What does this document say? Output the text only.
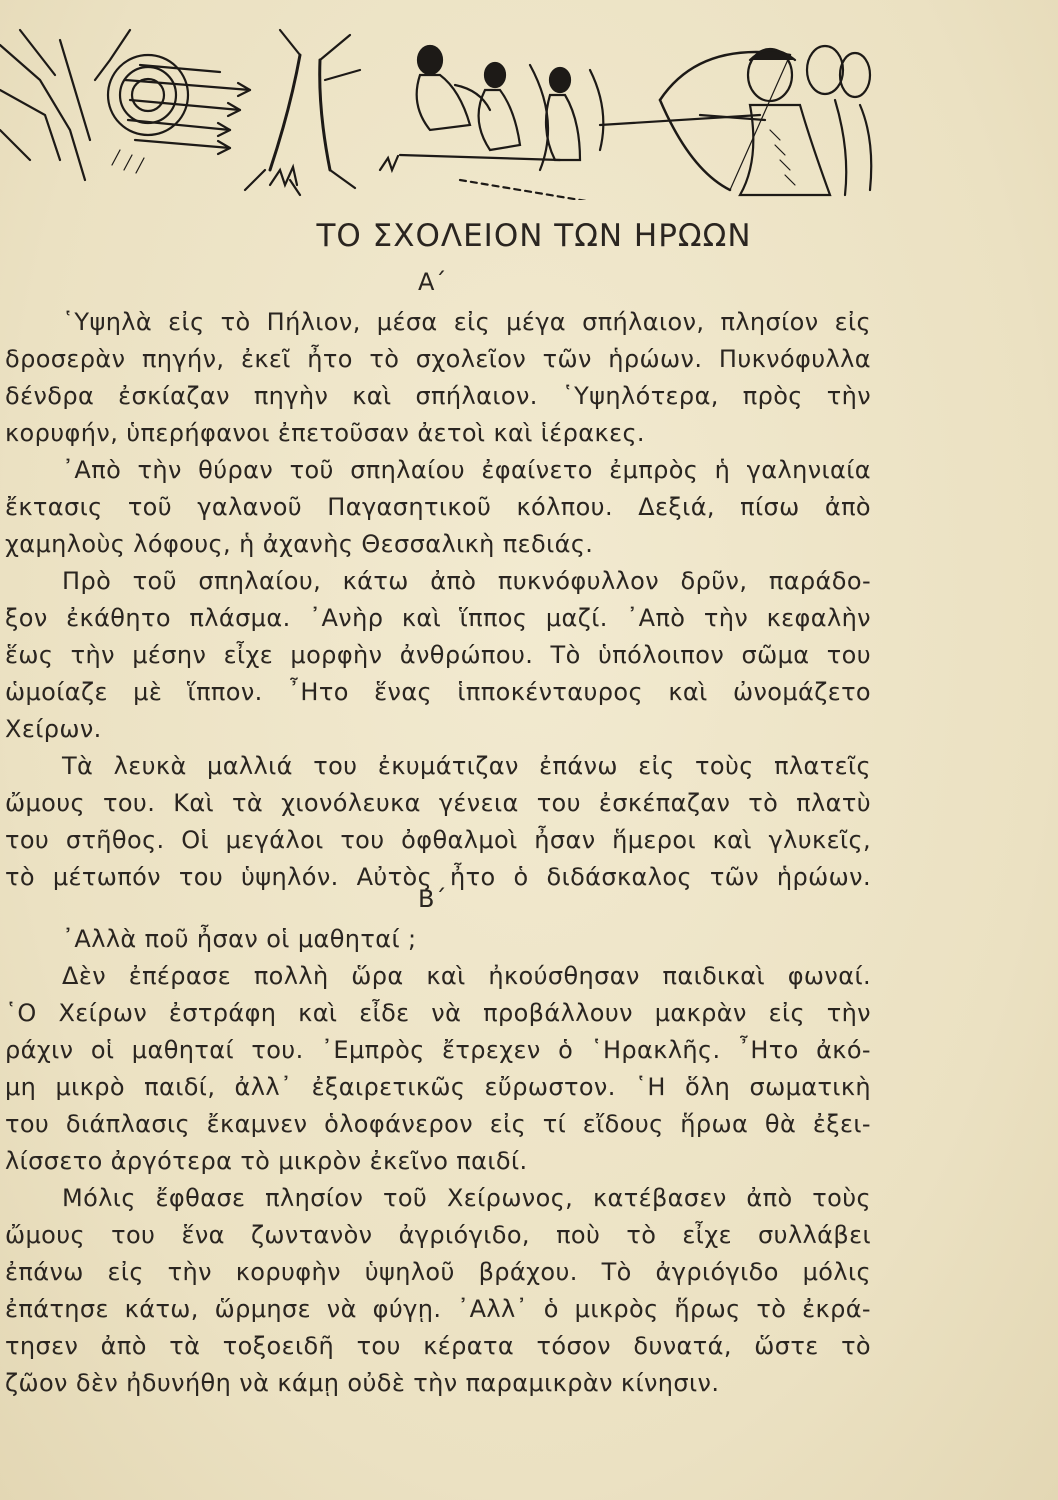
ΤΟ ΣΧΟΛΕΙΟΝ ΤΩΝ ΗΡΩΩΝ
Α΄
῾Υψηλὰ εἰς τὸ Πήλιον, μέσα εἰς μέγα σπήλαιον, πλησίον εἰς
δροσερὰν πηγήν, ἐκεῖ ἦτο τὸ σχολεῖον τῶν ἡρώων. Πυκνόφυλλα
δένδρα ἐσκίαζαν πηγὴν καὶ σπήλαιον. ῾Υψηλότερα, πρὸς τὴν
κορυφήν, ὑπερήφανοι ἐπετοῦσαν ἀετοὶ καὶ ἱέρακες.
᾿Απὸ τὴν θύραν τοῦ σπηλαίου ἐφαίνετο ἐμπρὸς ἡ γαληνιαία
ἔκτασις τοῦ γαλανοῦ Παγασητικοῦ κόλπου. Δεξιά, πίσω ἀπὸ
χαμηλοὺς λόφους, ἡ ἀχανὴς Θεσσαλικὴ πεδιάς.
Πρὸ τοῦ σπηλαίου, κάτω ἀπὸ πυκνόφυλλον δρῦν, παράδο-
ξον ἐκάθητο πλάσμα. ᾿Ανὴρ καὶ ἵππος μαζί. ᾿Απὸ τὴν κεφαλὴν
ἕως τὴν μέσην εἶχε μορφὴν ἀνθρώπου. Τὸ ὑπόλοιπον σῶμα του
ὡμοίαζε μὲ ἵππον. ῏Ητο ἕνας ἱπποκένταυρος καὶ ὠνομάζετο
Χείρων.
Τὰ λευκὰ μαλλιά του ἐκυμάτιζαν ἐπάνω εἰς τοὺς πλατεῖς
ὤμους του. Καὶ τὰ χιονόλευκα γένεια του ἐσκέπαζαν τὸ πλατὺ
του στῆθος. Οἱ μεγάλοι του ὀφθαλμοὶ ἦσαν ἥμεροι καὶ γλυκεῖς,
τὸ μέτωπόν του ὑψηλόν. Αὐτὸς ἦτο ὁ διδάσκαλος τῶν ἡρώων.
Β΄
᾿Αλλὰ ποῦ ἦσαν οἱ μαθηταί ;
Δὲν ἐπέρασε πολλὴ ὥρα καὶ ἠκούσθησαν παιδικαὶ φωναί.
῾Ο Χείρων ἐστράφη καὶ εἶδε νὰ προβάλλουν μακρὰν εἰς τὴν
ράχιν οἱ μαθηταί του. ᾿Εμπρὸς ἔτρεχεν ὁ ῾Ηρακλῆς. ῏Ητο ἀκό-
μη μικρὸ παιδί, ἀλλ᾿ ἐξαιρετικῶς εὔρωστον. ῾Η ὅλη σωματικὴ
του διάπλασις ἔκαμνεν ὁλοφάνερον εἰς τί εἴδους ἥρωα θὰ ἐξει-
λίσσετο ἀργότερα τὸ μικρὸν ἐκεῖνο παιδί.
Μόλις ἔφθασε πλησίον τοῦ Χείρωνος, κατέβασεν ἀπὸ τοὺς
ὤμους του ἕνα ζωντανὸν ἀγριόγιδο, ποὺ τὸ εἶχε συλλάβει
ἐπάνω εἰς τὴν κορυφὴν ὑψηλοῦ βράχου. Τὸ ἀγριόγιδο μόλις
ἐπάτησε κάτω, ὥρμησε νὰ φύγῃ. ᾿Αλλ᾿ ὁ μικρὸς ἥρως τὸ ἐκρά-
τησεν ἀπὸ τὰ τοξοειδῆ του κέρατα τόσον δυνατά, ὥστε τὸ
ζῶον δὲν ἠδυνήθη νὰ κάμῃ οὐδὲ τὴν παραμικρὰν κίνησιν.
